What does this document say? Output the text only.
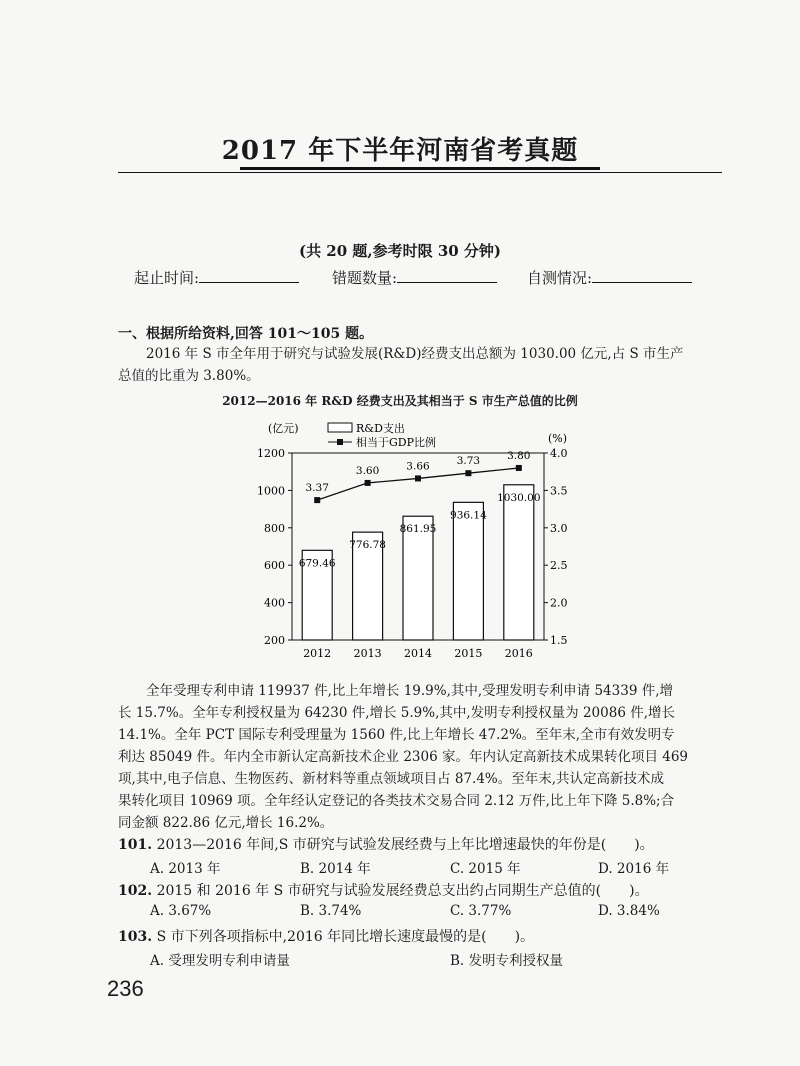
2017 年下半年河南省考真题
(共 20 题,参考时限 30 分钟)
起止时间:	错题数量:	自测情况:
一、根据所给资料,回答 101～105 题。
2016 年 S 市全年用于研究与试验发展(R&D)经费支出总额为 1030.00 亿元,占 S 市生产
总值的比重为 3.80%。
2012—2016 年 R&D 经费支出及其相当于 S 市生产总值的比例
200
400
600
800
1000
1200
1.5
2.0
2.5
3.0
3.5
4.0
(亿元)
(%)
R&D支出
相当于GDP比例
679.46
776.78
861.95
936.14
1030.00
3.37
3.60	3.66	3.73	3.80
2012 2013 2014 2015 2016
全年受理专利申请 119937 件,比上年增长 19.9%,其中,受理发明专利申请 54339 件,增
长 15.7%。全年专利授权量为 64230 件,增长 5.9%,其中,发明专利授权量为 20086 件,增长
14.1%。全年 PCT 国际专利受理量为 1560 件,比上年增长 47.2%。至年末,全市有效发明专
利达 85049 件。年内全市新认定高新技术企业 2306 家。年内认定高新技术成果转化项目 469
项,其中,电子信息、生物医药、新材料等重点领域项目占 87.4%。至年末,共认定高新技术成
果转化项目 10969 项。全年经认定登记的各类技术交易合同 2.12 万件,比上年下降 5.8%;合
同金额 822.86 亿元,增长 16.2%。
101. 2013—2016 年间,S 市研究与试验发展经费与上年比增速最快的年份是(　　)。
A. 2013 年	B. 2014 年	C. 2015 年	D. 2016 年
102. 2015 和 2016 年 S 市研究与试验发展经费总支出约占同期生产总值的(　　)。
A. 3.67%	B. 3.74%	C. 3.77%	D. 3.84%
103. S 市下列各项指标中,2016 年同比增长速度最慢的是(　　)。
A. 受理发明专利申请量	B. 发明专利授权量
236
